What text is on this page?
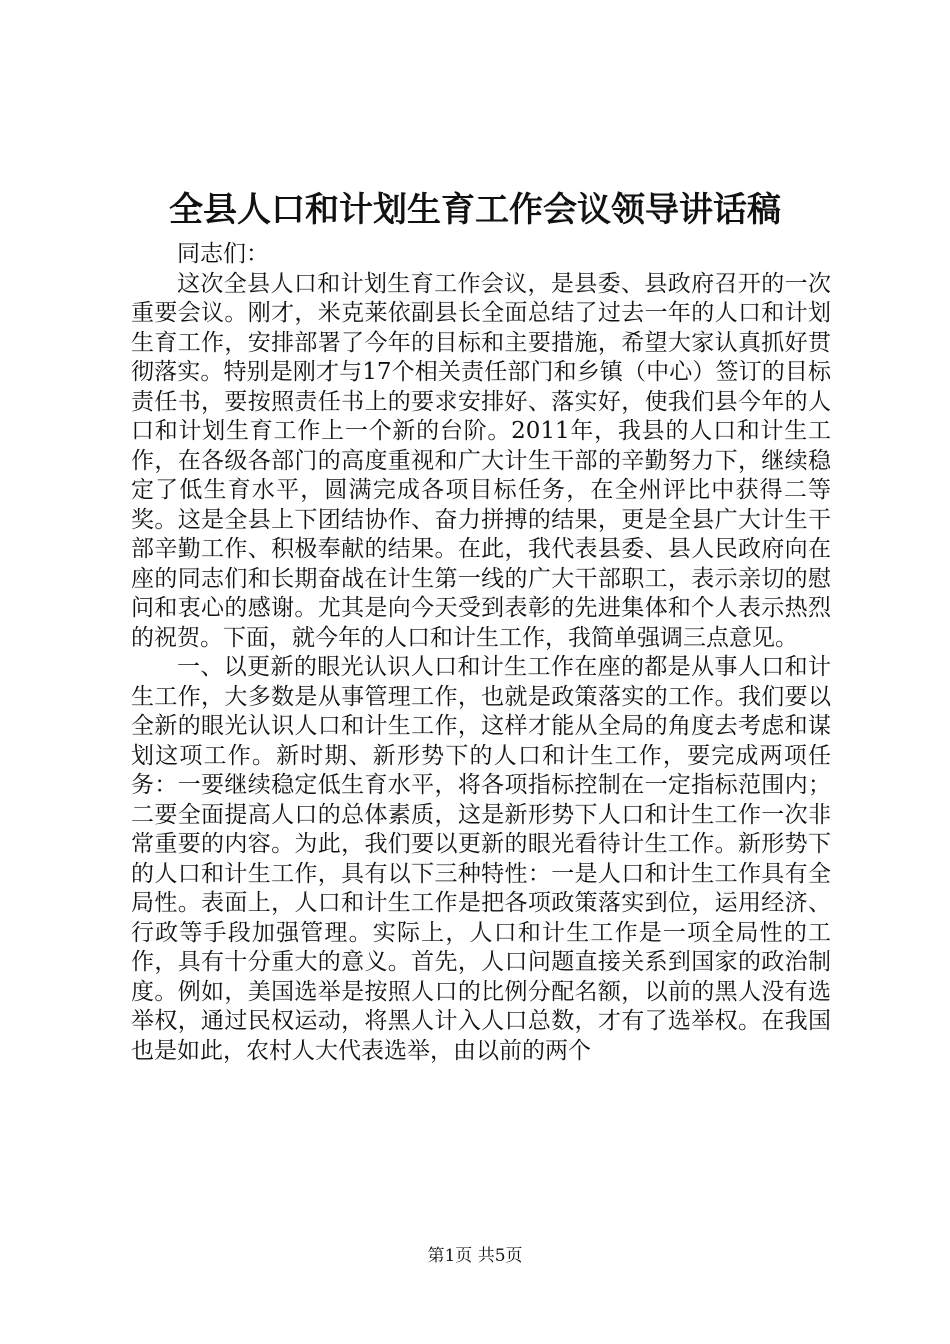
全县人口和计划生育工作会议领导讲话稿

同志们：

这次全县人口和计划生育工作会议，是县委、县政府召开的一次重要会议。刚才，米克莱依副县长全面总结了过去一年的人口和计划生育工作，安排部署了今年的目标和主要措施，希望大家认真抓好贯彻落实。特别是刚才与17个相关责任部门和乡镇（中心）签订的目标责任书，要按照责任书上的要求安排好、落实好，使我们县今年的人口和计划生育工作上一个新的台阶。2011年，我县的人口和计生工作，在各级各部门的高度重视和广大计生干部的辛勤努力下，继续稳定了低生育水平，圆满完成各项目标任务，在全州评比中获得二等奖。这是全县上下团结协作、奋力拼搏的结果，更是全县广大计生干部辛勤工作、积极奉献的结果。在此，我代表县委、县人民政府向在座的同志们和长期奋战在计生第一线的广大干部职工，表示亲切的慰问和衷心的感谢。尤其是向今天受到表彰的先进集体和个人表示热烈的祝贺。下面，就今年的人口和计生工作，我简单强调三点意见。

一、以更新的眼光认识人口和计生工作在座的都是从事人口和计生工作，大多数是从事管理工作，也就是政策落实的工作。我们要以全新的眼光认识人口和计生工作，这样才能从全局的角度去考虑和谋划这项工作。新时期、新形势下的人口和计生工作，要完成两项任务：一要继续稳定低生育水平，将各项指标控制在一定指标范围内；二要全面提高人口的总体素质，这是新形势下人口和计生工作一次非常重要的内容。为此，我们要以更新的眼光看待计生工作。新形势下的人口和计生工作，具有以下三种特性：一是人口和计生工作具有全局性。表面上，人口和计生工作是把各项政策落实到位，运用经济、行政等手段加强管理。实际上，人口和计生工作是一项全局性的工作，具有十分重大的意义。首先，人口问题直接关系到国家的政治制度。例如，美国选举是按照人口的比例分配名额，以前的黑人没有选举权，通过民权运动，将黑人计入人口总数，才有了选举权。在我国也是如此，农村人大代表选举，由以前的两个

第1页 共5页
